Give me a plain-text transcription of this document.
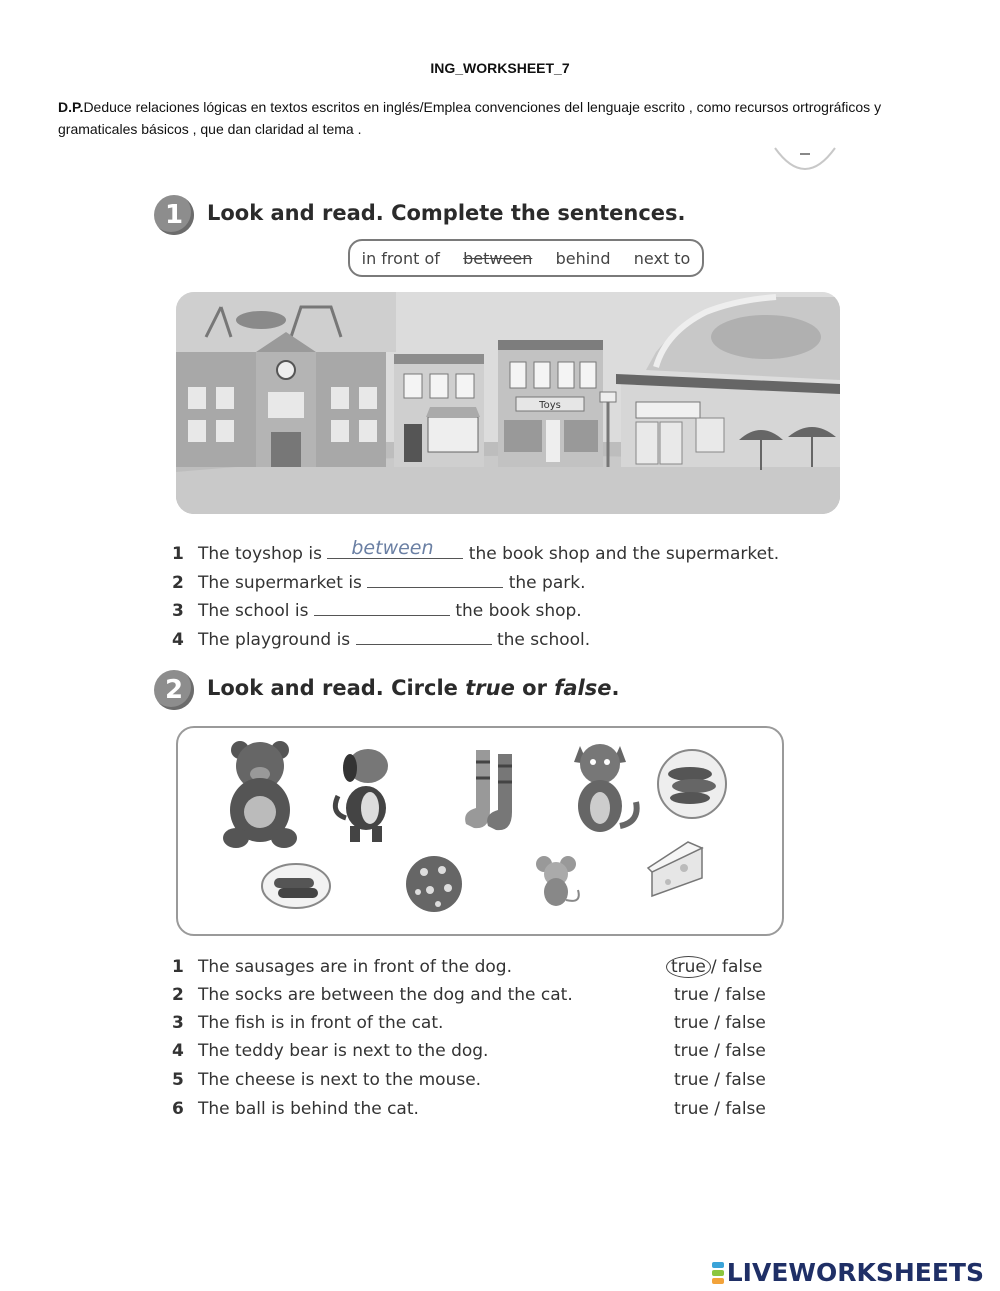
ING_WORKSHEET_7
D.P.Deduce relaciones lógicas en textos escritos en inglés/Emplea convenciones del lenguaje escrito , como recursos ortrográficos y gramaticales básicos , que dan claridad al tema .
1	Look and read. Complete the sentences.
in front of between behind next to
Toys
1 The toyshop is between the book shop and the supermarket.
2 The supermarket is	the park.
3 The school is	the book shop.
4 The playground is	the school.
2	Look and read. Circle true or false.
1 The sausages are in front of the dog.	true / false
2 The socks are between the dog and the cat.	true / false
3 The fish is in front of the cat.	true / false
4 The teddy bear is next to the dog.	true / false
5 The cheese is next to the mouse.	true / false
6 The ball is behind the cat.	true / false
LIVEWORKSHEETS
